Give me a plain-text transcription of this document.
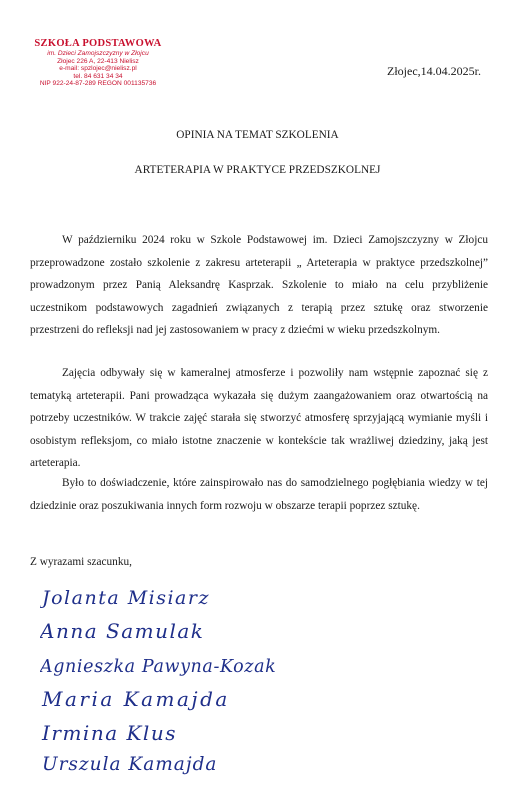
SZKOŁA PODSTAWOWA
im. Dzieci Zamojszczyzny w Złojcu
Złojec 226 A, 22-413 Nielisz
e-mail: spzlojec@nielisz.pl
tel. 84 631 34 34
NIP 922-24-87-289 REGON 001135736
Złojec,14.04.2025r.
OPINIA NA TEMAT SZKOLENIA
ARTETERAPIA W PRAKTYCE PRZEDSZKOLNEJ

W październiku 2024 roku w Szkole Podstawowej im. Dzieci Zamojszczyzny w Złojcu przeprowadzone zostało szkolenie z zakresu arteterapii „ Arteterapia w praktyce przedszkolnej” prowadzonym przez Panią Aleksandrę Kasprzak. Szkolenie to miało na celu przybliżenie uczestnikom podstawowych zagadnień związanych z terapią przez sztukę oraz stworzenie przestrzeni do refleksji nad jej zastosowaniem w pracy z dziećmi w wieku przedszkolnym.

Zajęcia odbywały się w kameralnej atmosferze i pozwoliły nam wstępnie zapoznać się z tematyką arteterapii. Pani prowadząca wykazała się dużym zaangażowaniem oraz otwartością na potrzeby uczestników. W trakcie zajęć starała się stworzyć atmosferę sprzyjającą wymianie myśli i osobistym refleksjom, co miało istotne znaczenie w kontekście tak wrażliwej dziedziny, jaką jest arteterapia.

Było to doświadczenie, które zainspirowało nas do samodzielnego pogłębiania wiedzy w tej dziedzinie oraz poszukiwania innych form rozwoju w obszarze terapii poprzez sztukę.

Z wyrazami szacunku,
Jolanta Misiarz
Anna Samulak
Agnieszka Pawyna-Kozak
Maria Kamajda
Irmina Klus
Urszula Kamajda
